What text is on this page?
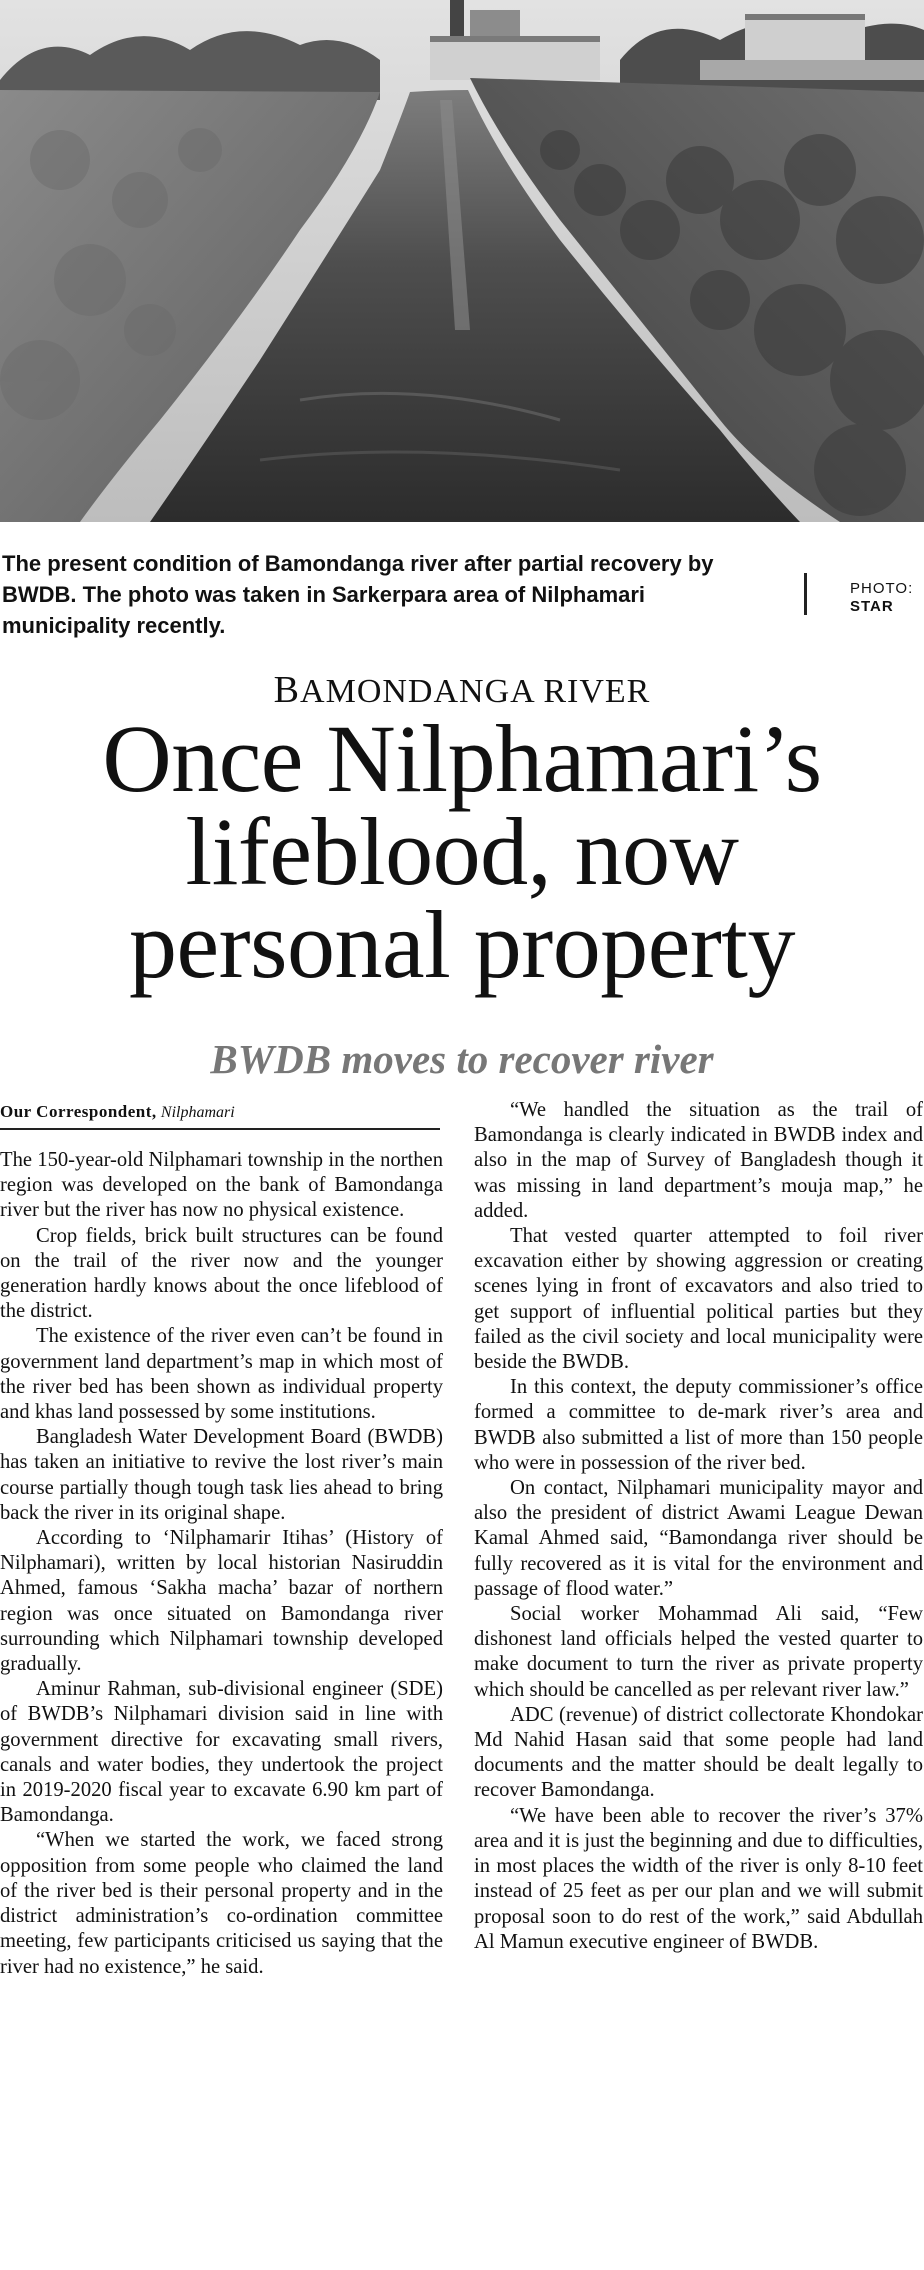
The present condition of Bamondanga river after partial recovery by BWDB. The photo was taken in Sarkerpara area of Nilphamari municipality recently.
PHOTO:
STAR
BAMONDANGA RIVER
Once Nilphamari’s
lifeblood, now
personal property
BWDB moves to recover river
Our Correspondent, Nilphamari

The 150-year-old Nilphamari township in the northen region was developed on the bank of Bamondanga river but the river has now no physical existence.

Crop fields, brick built structures can be found on the trail of the river now and the younger generation hardly knows about the once lifeblood of the district.

The existence of the river even can’t be found in government land department’s map in which most of the river bed has been shown as individual property and khas land possessed by some institutions.

Bangladesh Water Development Board (BWDB) has taken an initiative to revive the lost river’s main course partially though tough task lies ahead to bring back the river in its original shape.

According to ‘Nilphamarir Itihas’ (History of Nilphamari), written by local historian Nasiruddin Ahmed, famous ‘Sakha macha’ bazar of northern region was once situated on Bamondanga river surrounding which Nilphamari township developed gradually.

Aminur Rahman, sub-divisional engineer (SDE) of BWDB’s Nilphamari division said in line with government directive for excavating small rivers, canals and water bodies, they undertook the project in 2019-2020 fiscal year to excavate 6.90 km part of Bamondanga.

“When we started the work, we faced strong opposition from some people who claimed the land of the river bed is their personal property and in the district administration’s co-ordination committee meeting, few participants criticised us saying that the river had no existence,” he said.

“We handled the situation as the trail of Bamondanga is clearly indicated in BWDB index and also in the map of Survey of Bangladesh though it was missing in land department’s mouja map,” he added.

That vested quarter attempted to foil river excavation either by showing aggression or creating scenes lying in front of excavators and also tried to get support of influential political parties but they failed as the civil society and local municipality were beside the BWDB.

In this context, the deputy commissioner’s office formed a committee to de-mark river’s area and BWDB also submitted a list of more than 150 people who were in possession of the river bed.

On contact, Nilphamari municipality mayor and also the president of district Awami League Dewan Kamal Ahmed said, “Bamondanga river should be fully recovered as it is vital for the environment and passage of flood water.”

Social worker Mohammad Ali said, “Few dishonest land officials helped the vested quarter to make document to turn the river as private property which should be cancelled as per relevant river law.”

ADC (revenue) of district collectorate Khondokar Md Nahid Hasan said that some people had land documents and the matter should be dealt legally to recover Bamondanga.

“We have been able to recover the river’s 37% area and it is just the beginning and due to difficulties, in most places the width of the river is only 8-10 feet instead of 25 feet as per our plan and we will submit proposal soon to do rest of the work,” said Abdullah Al Mamun executive engineer of BWDB.
